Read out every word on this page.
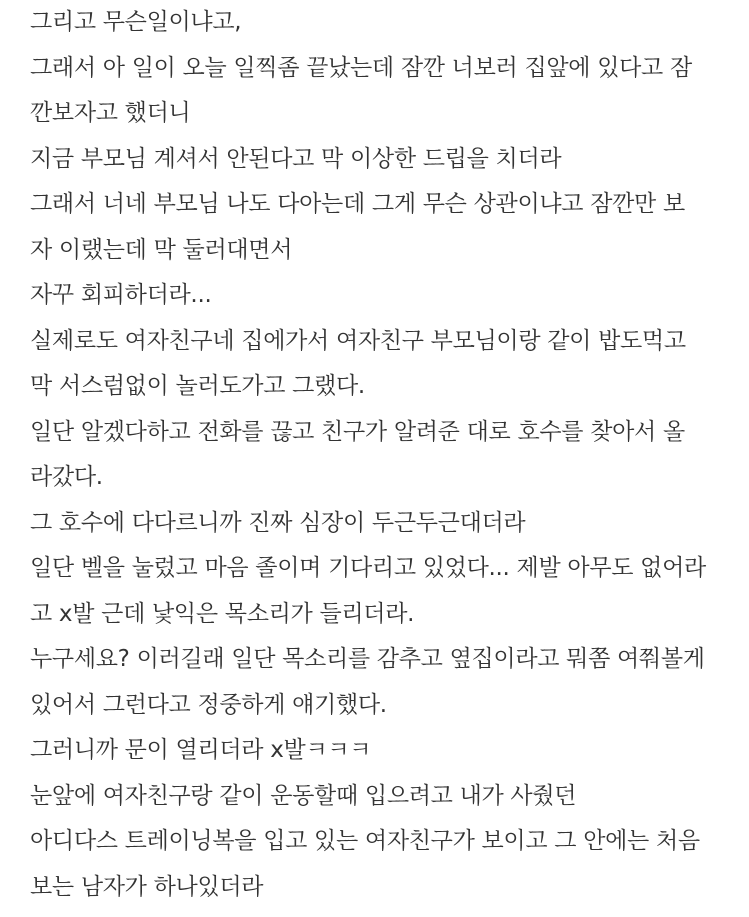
그리고 무슨일이냐고,
그래서 아 일이 오늘 일찍좀 끝났는데 잠깐 너보러 집앞에 있다고 잠
깐보자고 했더니
지금 부모님 계셔서 안된다고 막 이상한 드립을 치더라
그래서 너네 부모님 나도 다아는데 그게 무슨 상관이냐고 잠깐만 보
자 이랬는데 막 둘러대면서
자꾸 회피하더라...
실제로도 여자친구네 집에가서 여자친구 부모님이랑 같이 밥도먹고
막 서스럼없이 놀러도가고 그랬다.
일단 알겠다하고 전화를 끊고 친구가 알려준 대로 호수를 찾아서 올
라갔다.
그 호수에 다다르니까 진짜 심장이 두근두근대더라
일단 벨을 눌렀고 마음 졸이며 기다리고 있었다... 제발 아무도 없어라
고 x발 근데 낯익은 목소리가 들리더라.
누구세요? 이러길래 일단 목소리를 감추고 옆집이라고 뭐쫌 여쭤볼게
있어서 그런다고 정중하게 얘기했다.
그러니까 문이 열리더라 x발ㅋㅋㅋ
눈앞에 여자친구랑 같이 운동할때 입으려고 내가 사줬던
아디다스 트레이닝복을 입고 있는 여자친구가 보이고 그 안에는 처음
보는 남자가 하나있더라
